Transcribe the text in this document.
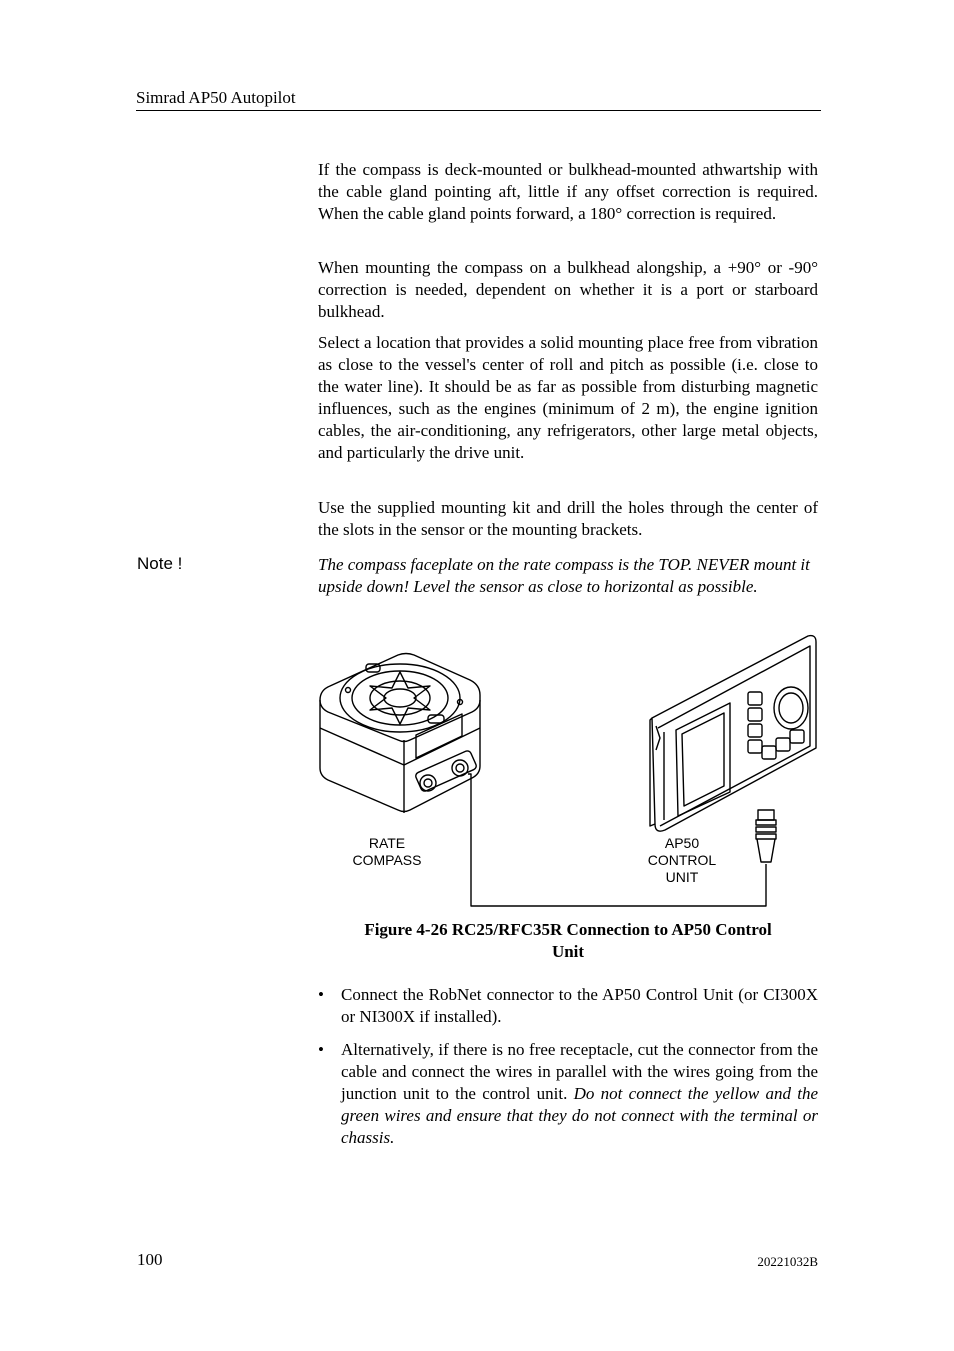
Simrad AP50 Autopilot

If the compass is deck-mounted or bulkhead-mounted athwartship with the cable gland pointing aft, little if any offset correction is required. When the cable gland points forward, a 180° correction is required.

When mounting the compass on a bulkhead alongship, a +90° or -90° correction is needed, dependent on whether it is a port or starboard bulkhead.

Select a location that provides a solid mounting place free from vibration as close to the vessel's center of roll and pitch as possible (i.e. close to the water line). It should be as far as possible from disturbing magnetic influences, such as the engines (minimum of 2 m), the engine ignition cables, the air-conditioning, any refrigerators, other large metal objects, and particularly the drive unit.

Use the supplied mounting kit and drill the holes through the center of the slots in the sensor or the mounting brackets.

Note !	The compass faceplate on the rate compass is the TOP. NEVER mount it upside down! Level the sensor as close to horizontal as possible.
RATE
COMPASS
AP50
CONTROL
UNIT
Figure 4-26 RC25/RFC35R Connection to AP50 Control
Unit
• Connect the RobNet connector to the AP50 Control Unit (or CI300X or NI300X if installed).
• Alternatively, if there is no free receptacle, cut the connector from the cable and connect the wires in parallel with the wires going from the junction unit to the control unit. Do not connect the yellow and the green wires and ensure that they do not connect with the terminal or chassis.
100	20221032B
